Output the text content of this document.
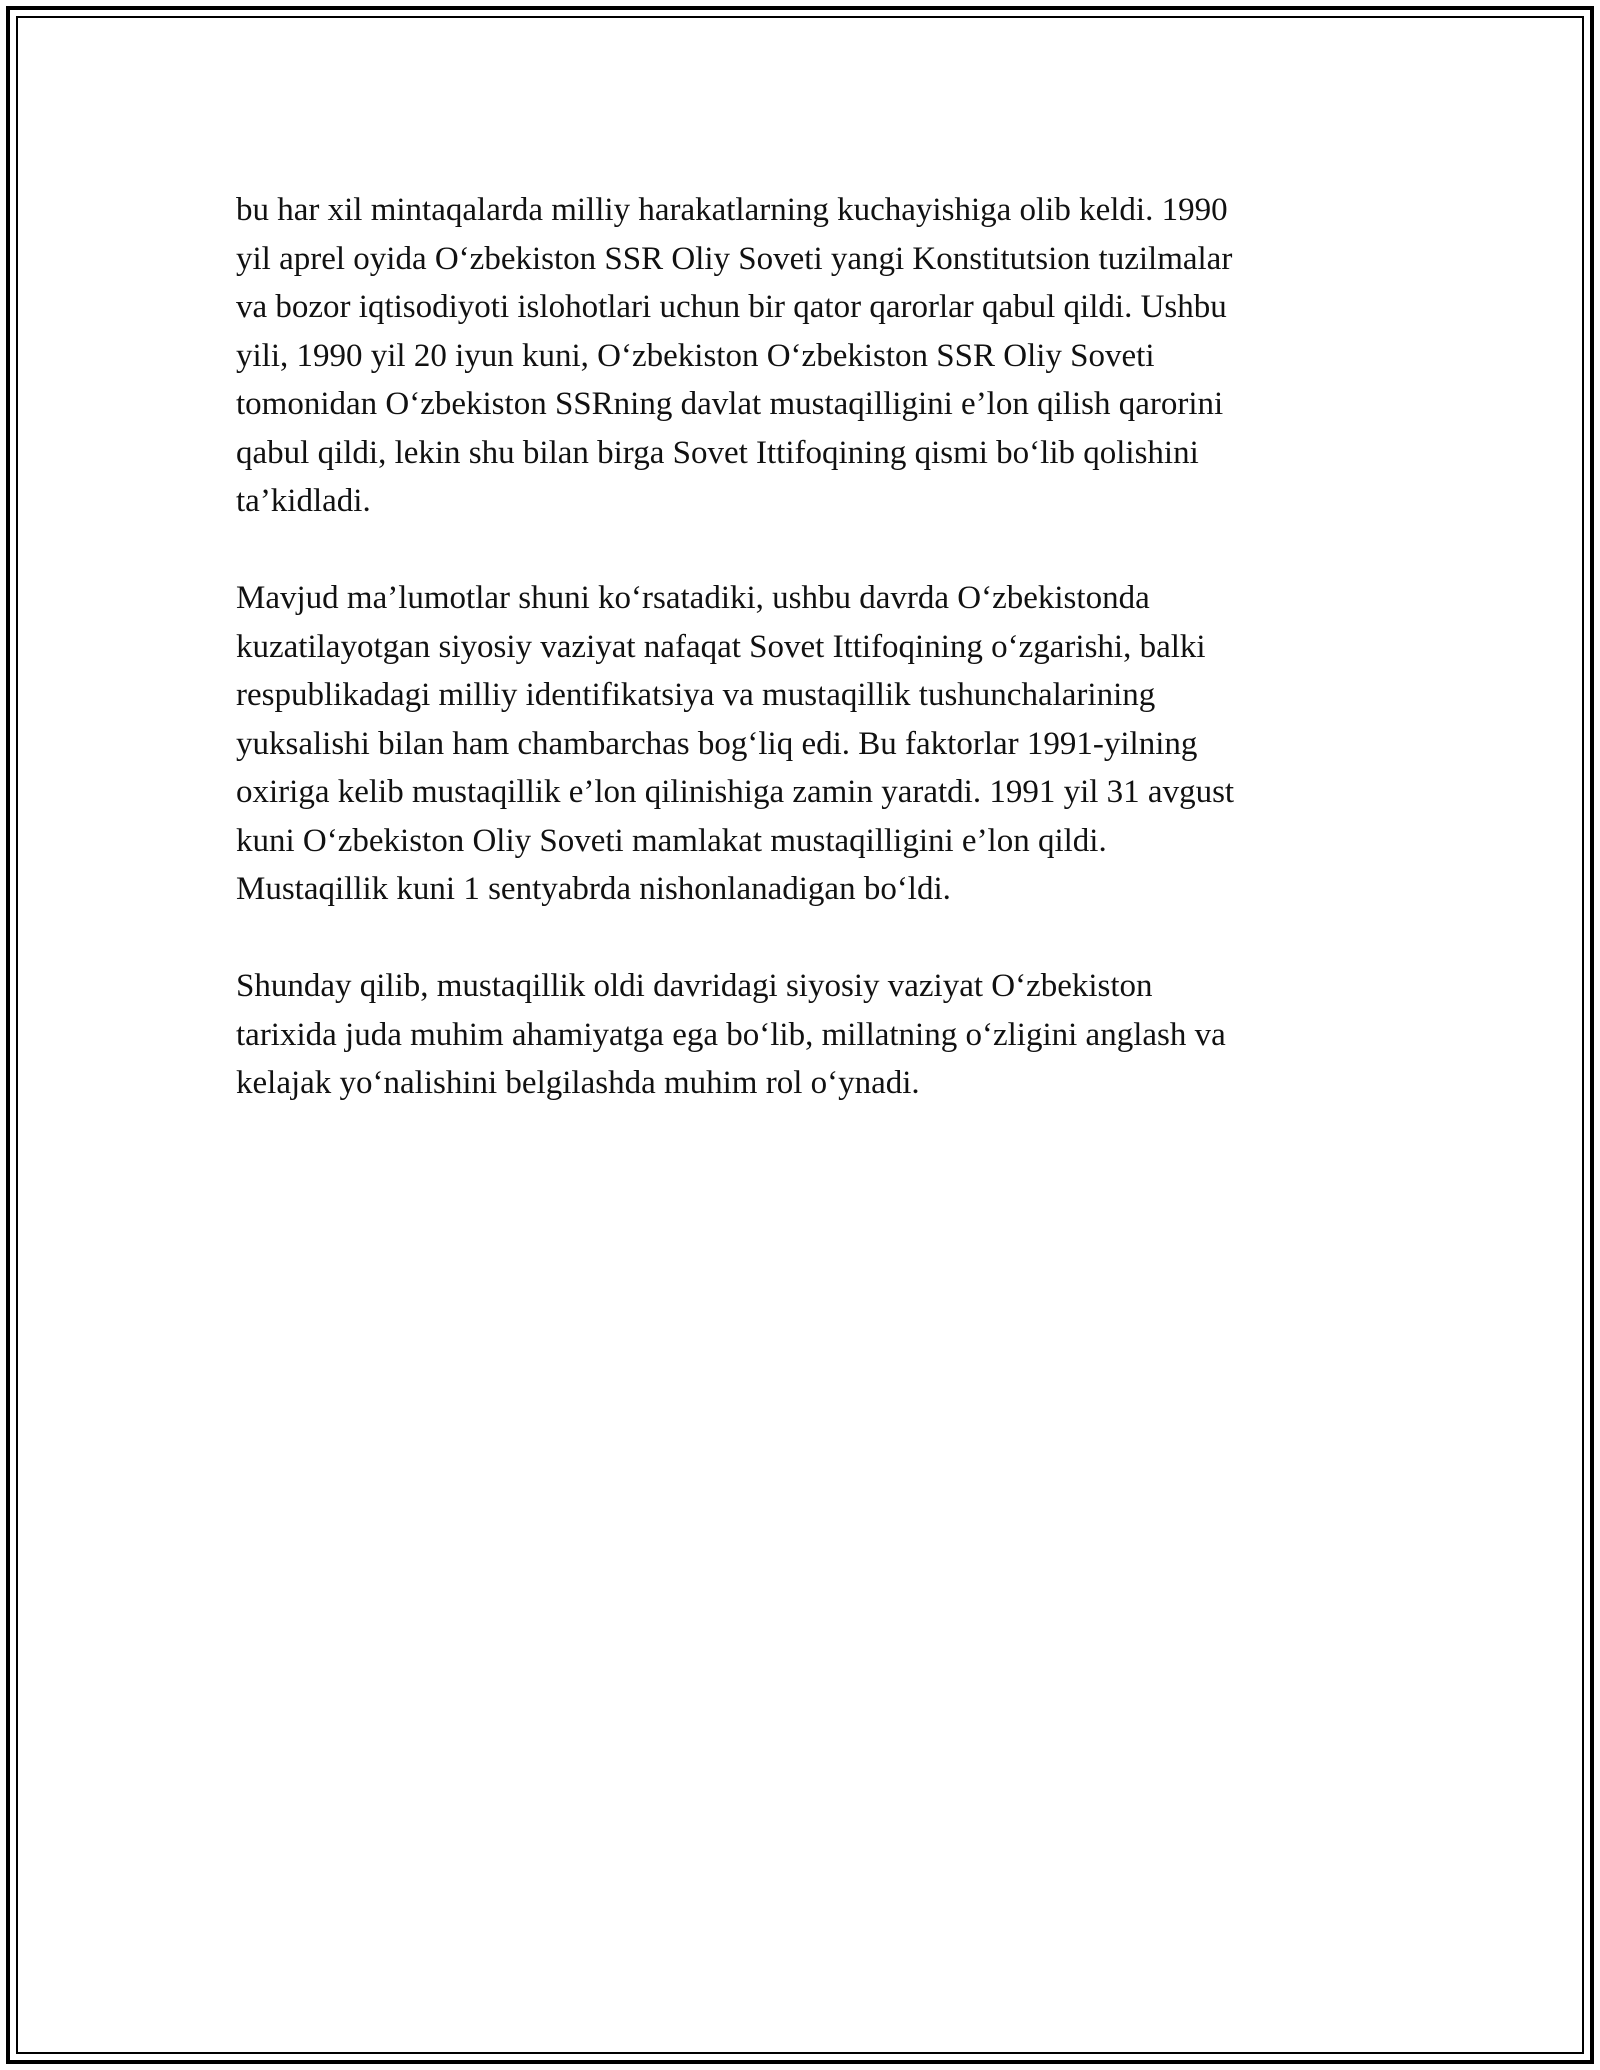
bu har xil mintaqalarda milliy harakatlarning kuchayishiga olib keldi. 1990
yil aprel oyida O‘zbekiston SSR Oliy Soveti yangi Konstitutsion tuzilmalar
va bozor iqtisodiyoti islohotlari uchun bir qator qarorlar qabul qildi. Ushbu
yili, 1990 yil 20 iyun kuni, O‘zbekiston O‘zbekiston SSR Oliy Soveti
tomonidan O‘zbekiston SSRning davlat mustaqilligini e’lon qilish qarorini
qabul qildi, lekin shu bilan birga Sovet Ittifoqining qismi bo‘lib qolishini
ta’kidladi.

Mavjud ma’lumotlar shuni ko‘rsatadiki, ushbu davrda O‘zbekistonda
kuzatilayotgan siyosiy vaziyat nafaqat Sovet Ittifoqining o‘zgarishi, balki
respublikadagi milliy identifikatsiya va mustaqillik tushunchalarining
yuksalishi bilan ham chambarchas bog‘liq edi. Bu faktorlar 1991-yilning
oxiriga kelib mustaqillik e’lon qilinishiga zamin yaratdi. 1991 yil 31 avgust
kuni O‘zbekiston Oliy Soveti mamlakat mustaqilligini e’lon qildi.
Mustaqillik kuni 1 sentyabrda nishonlanadigan bo‘ldi.

Shunday qilib, mustaqillik oldi davridagi siyosiy vaziyat O‘zbekiston
tarixida juda muhim ahamiyatga ega bo‘lib, millatning o‘zligini anglash va
kelajak yo‘nalishini belgilashda muhim rol o‘ynadi.
